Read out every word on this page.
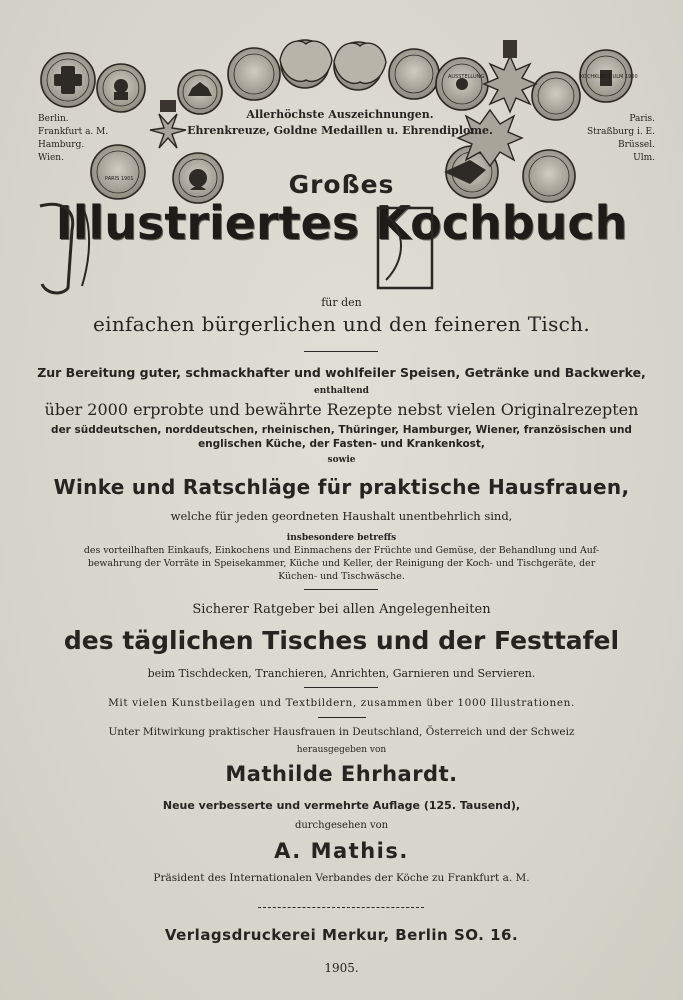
PARIS 1901
AUSSTELLUNG	KOCHKUNST ULM 1900
Allerhöchste Auszeichnungen.
Ehrenkreuze, Goldne Medaillen u. Ehrendiplome.
Berlin.
Frankfurt a. M.
Hamburg.
Wien.
Paris.
Straßburg i. E.
Brüssel.
Ulm.
Großes
Illustriertes Kochbuch
für den
einfachen bürgerlichen und den feineren Tisch.
Zur Bereitung guter, schmackhafter und wohlfeiler Speisen, Getränke und Backwerke,
enthaltend
über 2000 erprobte und bewährte Rezepte nebst vielen Originalrezepten
der süddeutschen, norddeutschen, rheinischen, Thüringer, Hamburger, Wiener, französischen und
englischen Küche, der Fasten- und Krankenkost,
sowie
Winke und Ratschläge für praktische Hausfrauen,
welche für jeden geordneten Haushalt unentbehrlich sind,
insbesondere betreffs
des vorteilhaften Einkaufs, Einkochens und Einmachens der Früchte und Gemüse, der Behandlung und Auf-
bewahrung der Vorräte in Speisekammer, Küche und Keller, der Reinigung der Koch- und Tischgeräte, der
Küchen- und Tischwäsche.
Sicherer Ratgeber bei allen Angelegenheiten
des täglichen Tisches und der Festtafel
beim Tischdecken, Tranchieren, Anrichten, Garnieren und Servieren.
Mit vielen Kunstbeilagen und Textbildern, zusammen über 1000 Illustrationen.
Unter Mitwirkung praktischer Hausfrauen in Deutschland, Österreich und der Schweiz
herausgegeben von
Mathilde Ehrhardt.
Neue verbesserte und vermehrte Auflage (125. Tausend),
durchgesehen von
A. Mathis.
Präsident des Internationalen Verbandes der Köche zu Frankfurt a. M.
Verlagsdruckerei Merkur, Berlin SO. 16.
1905.
